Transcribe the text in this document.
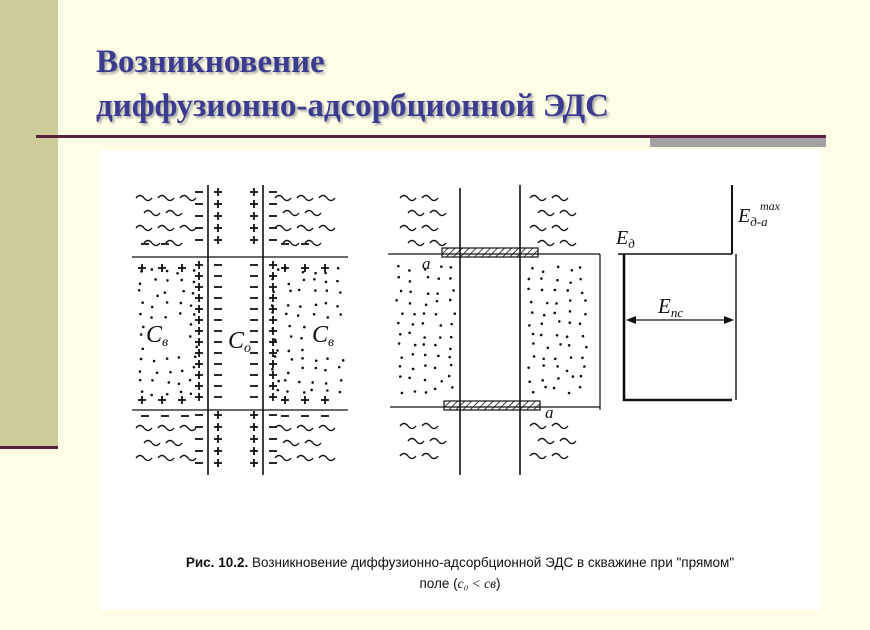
Возникновение
диффузионно-адсорбционной ЭДС
Cв Cо
Cв
a
a
$E_д$
$E_{д-а}$
max
Eпс
Рис. 10.2. Возникновение диффузионно-адсорбционной ЭДС в скважине при "прямом"
поле (c₀ < cв)
